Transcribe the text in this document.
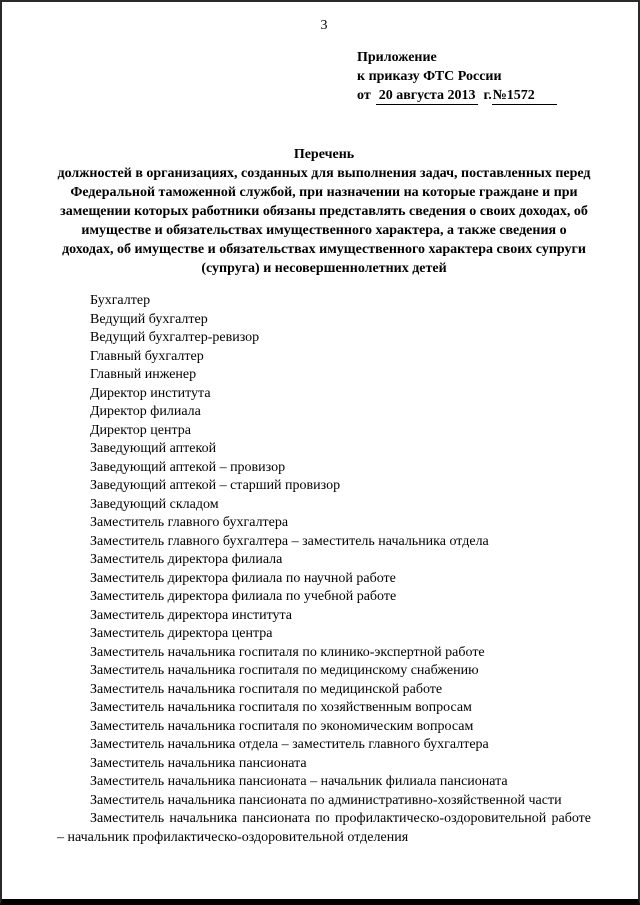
3
Приложение
к приказу ФТС России
от 20 августа 2013 г.№1572
Перечень
должностей в организациях, созданных для выполнения задач, поставленных перед Федеральной таможенной службой, при назначении на которые граждане и при замещении которых работники обязаны представлять сведения о своих доходах, об имуществе и обязательствах имущественного характера, а также сведения о доходах, об имуществе и обязательствах имущественного характера своих супруги (супруга) и несовершеннолетних детей
Бухгалтер
Ведущий бухгалтер
Ведущий бухгалтер-ревизор
Главный бухгалтер
Главный инженер
Директор института
Директор филиала
Директор центра
Заведующий аптекой
Заведующий аптекой – провизор
Заведующий аптекой – старший провизор
Заведующий складом
Заместитель главного бухгалтера
Заместитель главного бухгалтера – заместитель начальника отдела
Заместитель директора филиала
Заместитель директора филиала по научной работе
Заместитель директора филиала по учебной работе
Заместитель директора института
Заместитель директора центра
Заместитель начальника госпиталя по клинико-экспертной работе
Заместитель начальника госпиталя по медицинскому снабжению
Заместитель начальника госпиталя по медицинской работе
Заместитель начальника госпиталя по хозяйственным вопросам
Заместитель начальника госпиталя по экономическим вопросам
Заместитель начальника отдела – заместитель главного бухгалтера
Заместитель начальника пансионата
Заместитель начальника пансионата – начальник филиала пансионата
Заместитель начальника пансионата по административно-хозяйственной части
Заместитель начальника пансионата по профилактическо-оздоровительной работе – начальник профилактическо-оздоровительной отделения
